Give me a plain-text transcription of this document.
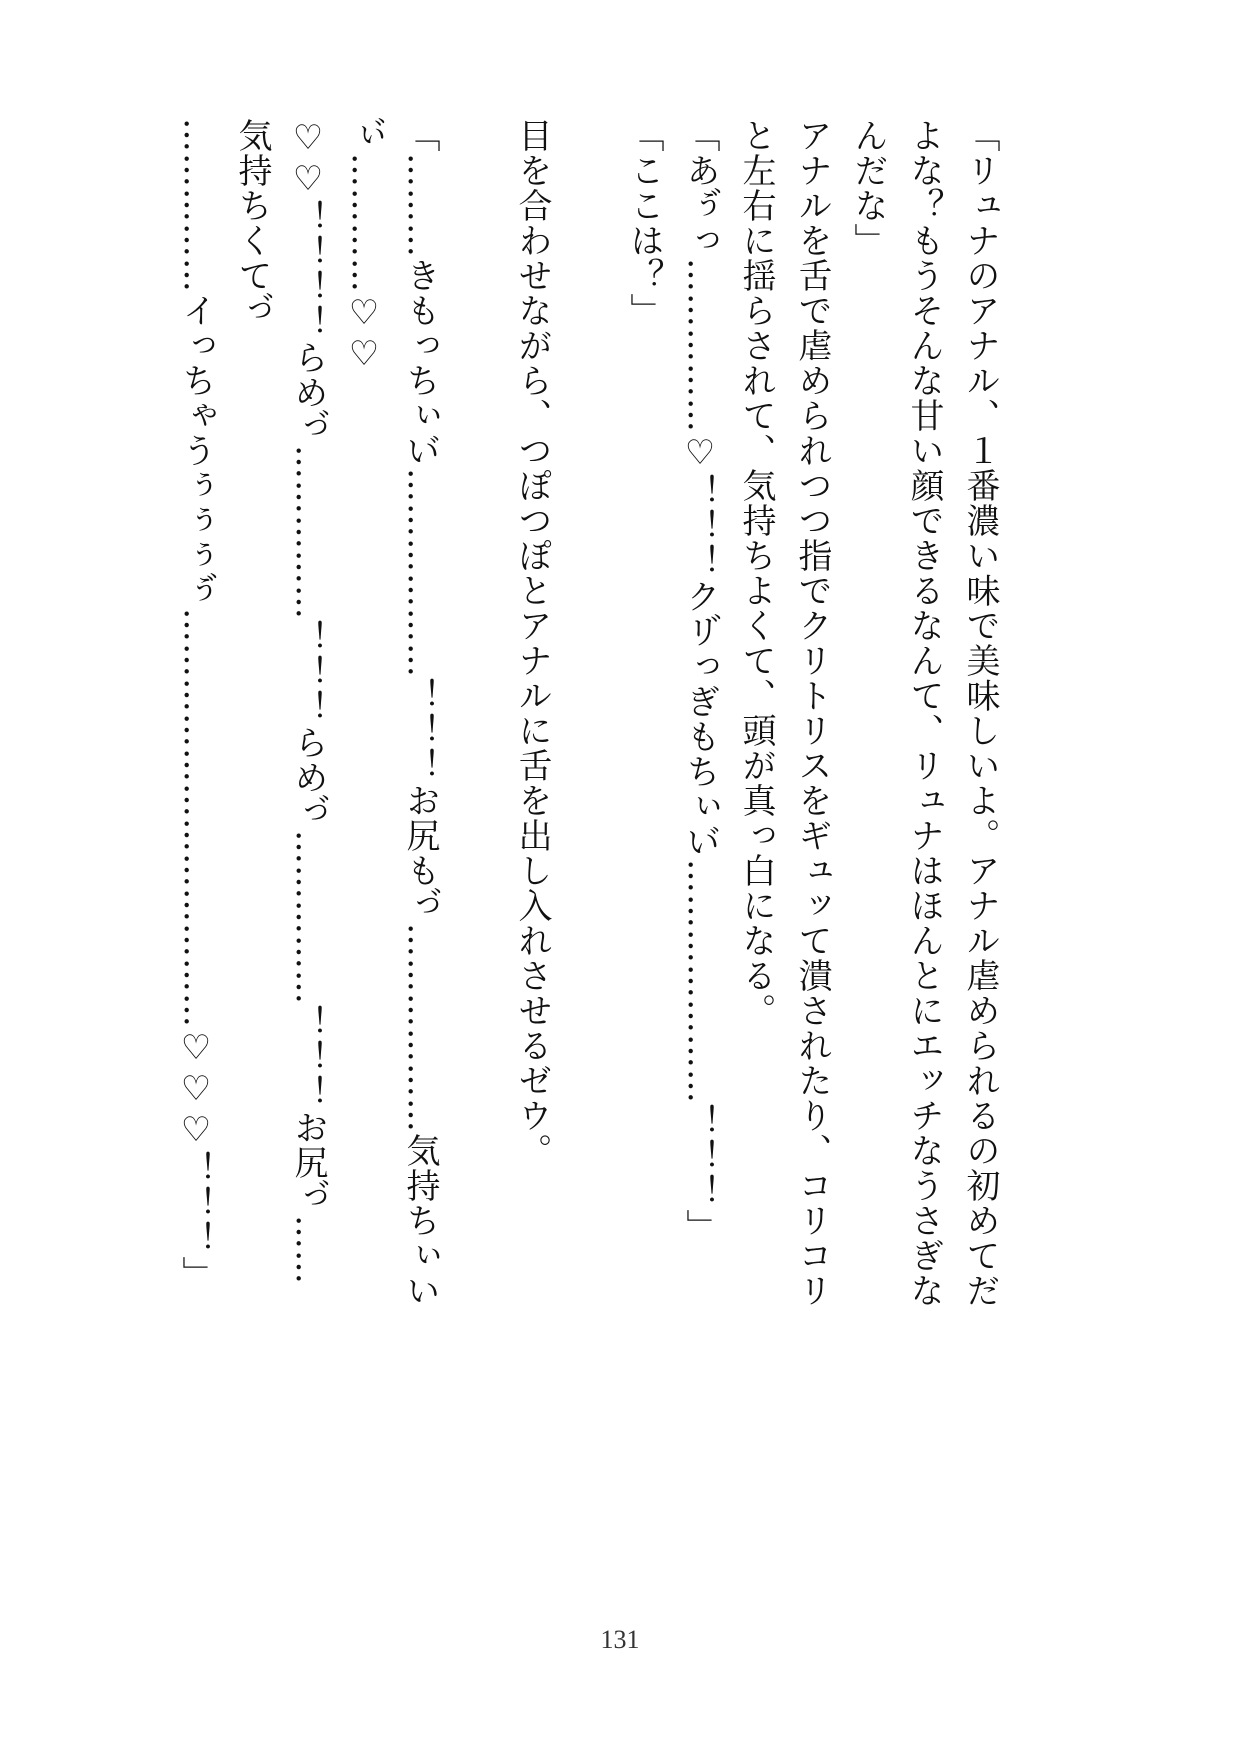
「リュナのアナル、１番濃い味で美味しいよ。アナル虐められるの初めてだよな？もうそんな甘い顔できるなんて、リュナはほんとにエッチなうさぎなんだな」

アナルを舌で虐められつつ指でクリトリスをギュッて潰されたり、コリコリと左右に揺らされて、気持ちよくて、頭が真っ白になる。

「あぅ゙っ……………♡！！！クリ゙っぎもちぃい゙…………………！！！」

「ここは？」

目を合わせながら、つぽつぽとアナルに舌を出し入れさせるゼウ。

「………きもっちぃい゙………………！！！お尻もっ゙………………気持ちぃいぃ゙…………♡♡

♡♡！！！！らめっ゙……………！！！らめっ゙……………！！！お尻っ゙……気持ちくてっ゙

……………イっちゃうぅぅぅぅ゙………………………………♡♡♡！！！」

131
